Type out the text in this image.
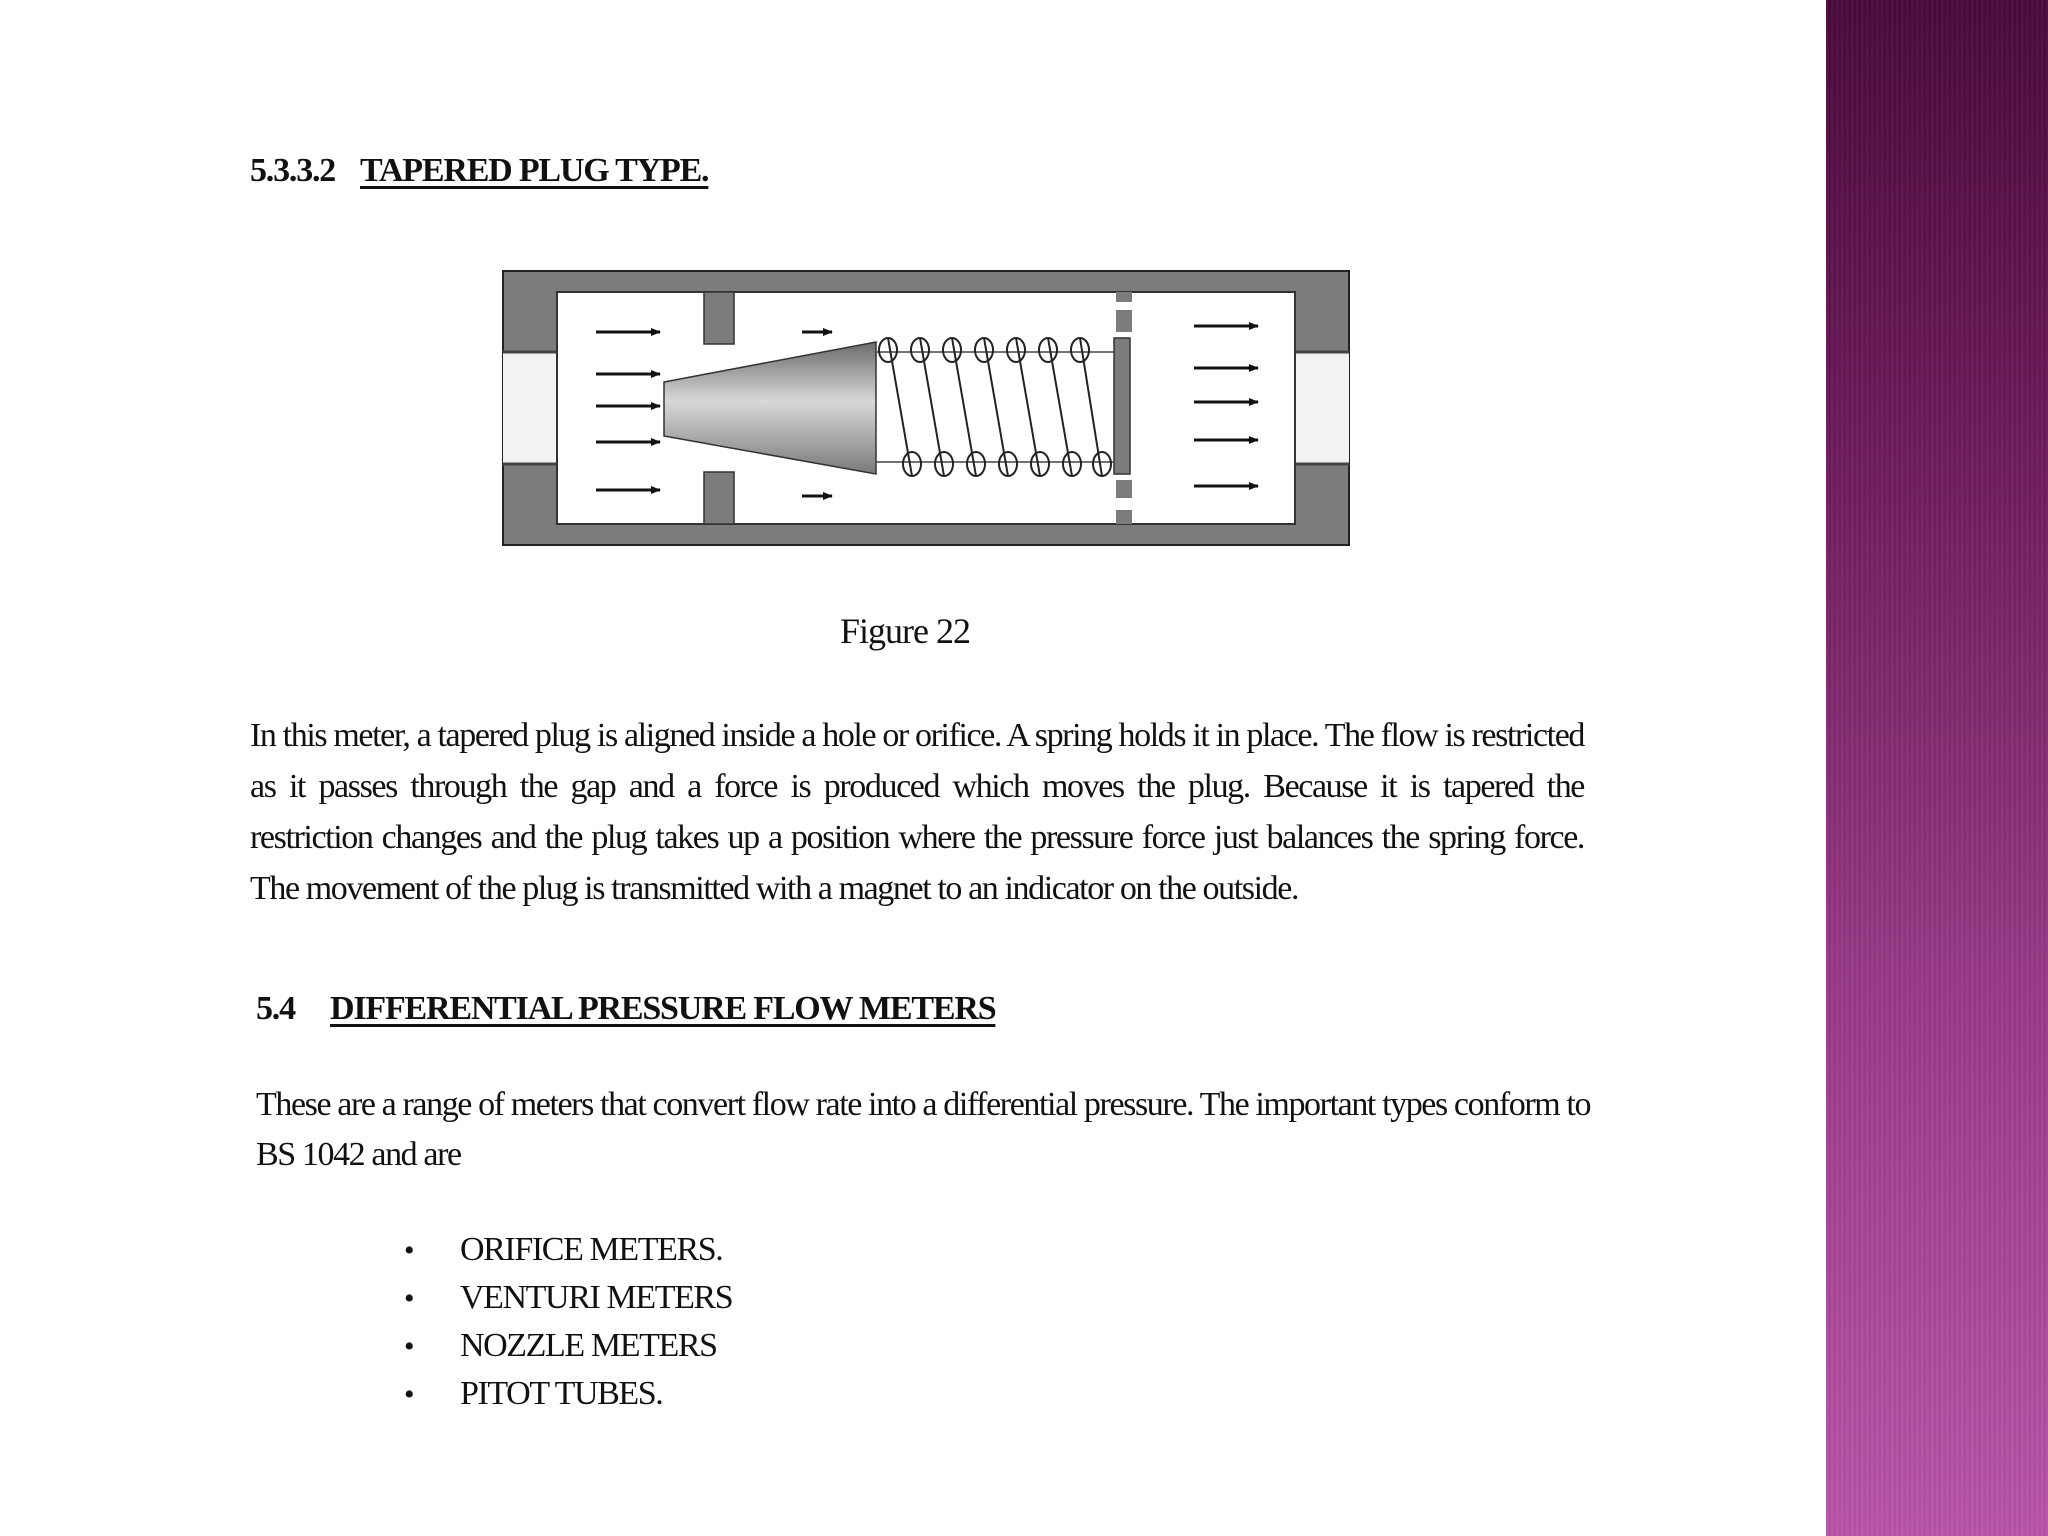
5.3.3.2 TAPERED PLUG TYPE.
Figure 22
In this meter, a tapered plug is aligned inside a hole or orifice. A spring holds it in place. The flow is restricted as it passes through the gap and a force is produced which moves the plug. Because it is tapered the restriction changes and the plug takes up a position where the pressure force just balances the spring force. The movement of the plug is transmitted with a magnet to an indicator on the outside.
5.4 DIFFERENTIAL PRESSURE FLOW METERS
These are a range of meters that convert flow rate into a differential pressure. The important types conform to BS 1042 and are
• ORIFICE METERS.
• VENTURI METERS
• NOZZLE METERS
• PITOT TUBES.
